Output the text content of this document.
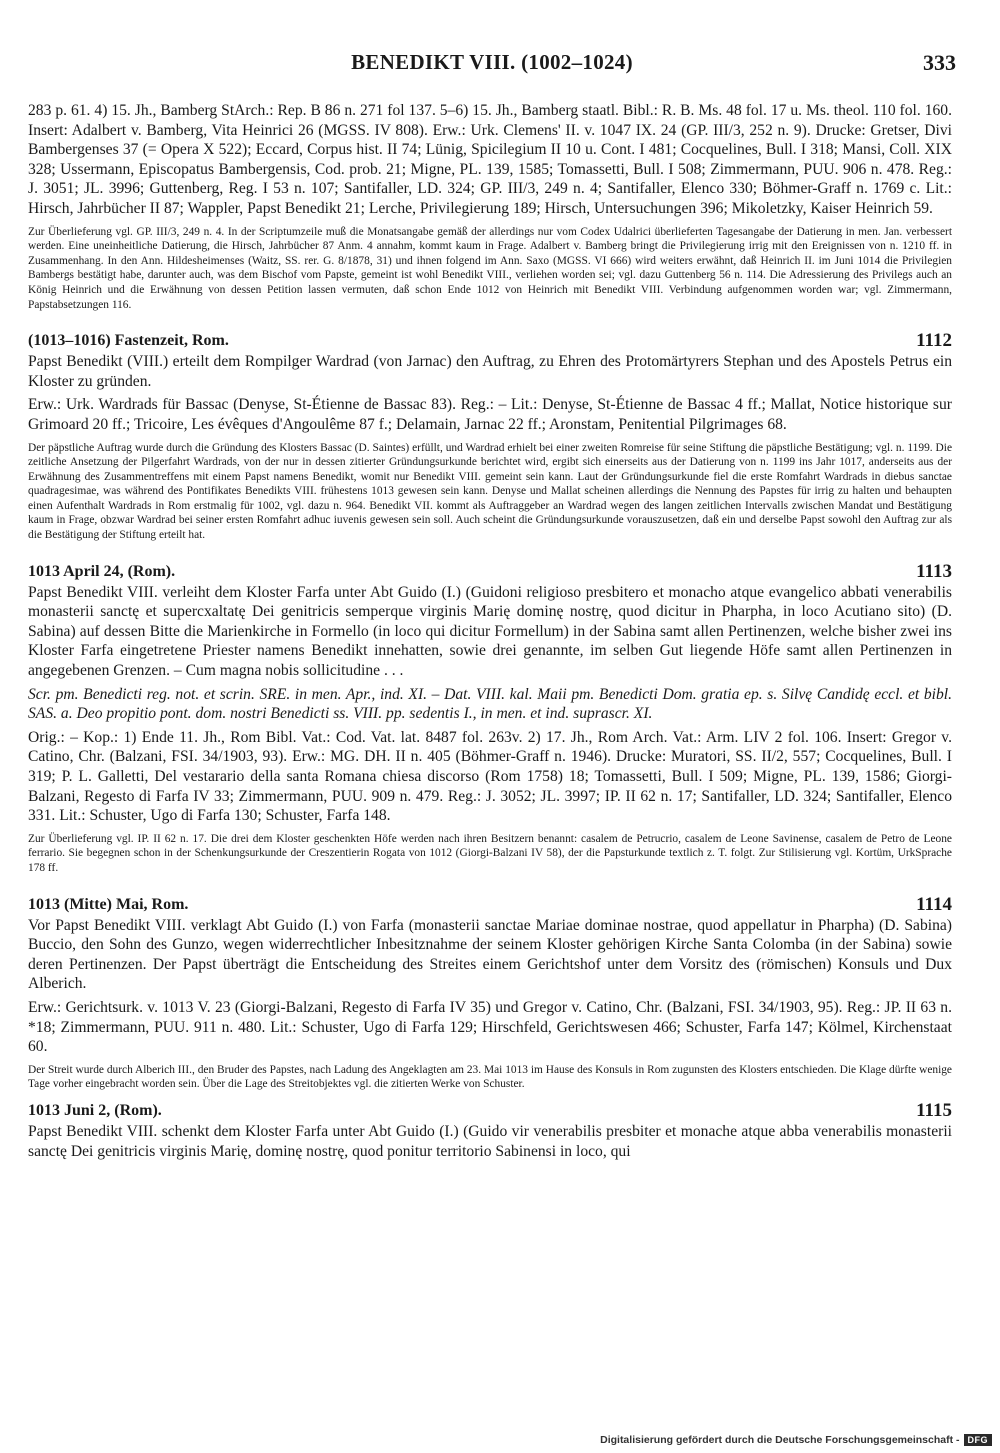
BENEDIKT VIII. (1002–1024)	333

283 p. 61. 4) 15. Jh., Bamberg StArch.: Rep. B 86 n. 271 fol 137. 5–6) 15. Jh., Bamberg staatl. Bibl.: R. B. Ms. 48 fol. 17 u. Ms. theol. 110 fol. 160. Insert: Adalbert v. Bamberg, Vita Heinrici 26 (MGSS. IV 808). Erw.: Urk. Clemens' II. v. 1047 IX. 24 (GP. III/3, 252 n. 9). Drucke: Gretser, Divi Bambergenses 37 (= Opera X 522); Eccard, Corpus hist. II 74; Lünig, Spicilegium II 10 u. Cont. I 481; Cocquelines, Bull. I 318; Mansi, Coll. XIX 328; Ussermann, Episcopatus Bambergensis, Cod. prob. 21; Migne, PL. 139, 1585; Tomassetti, Bull. I 508; Zimmermann, PUU. 906 n. 478. Reg.: J. 3051; JL. 3996; Guttenberg, Reg. I 53 n. 107; Santifaller, LD. 324; GP. III/3, 249 n. 4; Santifaller, Elenco 330; Böhmer-Graff n. 1769 c. Lit.: Hirsch, Jahrbücher II 87; Wappler, Papst Benedikt 21; Lerche, Privilegierung 189; Hirsch, Untersuchungen 396; Mikoletzky, Kaiser Heinrich 59.

Zur Überlieferung vgl. GP. III/3, 249 n. 4. In der Scriptumzeile muß die Monatsangabe gemäß der allerdings nur vom Codex Udalrici überlieferten Tagesangabe der Datierung in men. Jan. verbessert werden. Eine uneinheitliche Datierung, die Hirsch, Jahrbücher 87 Anm. 4 annahm, kommt kaum in Frage. Adalbert v. Bamberg bringt die Privilegierung irrig mit den Ereignissen von n. 1210 ff. in Zusammenhang. In den Ann. Hildesheimenses (Waitz, SS. rer. G. 8/1878, 31) und ihnen folgend im Ann. Saxo (MGSS. VI 666) wird weiters erwähnt, daß Heinrich II. im Juni 1014 die Privilegien Bambergs bestätigt habe, darunter auch, was dem Bischof vom Papste, gemeint ist wohl Benedikt VIII., verliehen worden sei; vgl. dazu Guttenberg 56 n. 114. Die Adressierung des Privilegs auch an König Heinrich und die Erwähnung von dessen Petition lassen vermuten, daß schon Ende 1012 von Heinrich mit Benedikt VIII. Verbindung aufgenommen worden war; vgl. Zimmermann, Papstabsetzungen 116.

(1013–1016) Fastenzeit, Rom.	1112

Papst Benedikt (VIII.) erteilt dem Rompilger Wardrad (von Jarnac) den Auftrag, zu Ehren des Protomärtyrers Stephan und des Apostels Petrus ein Kloster zu gründen.

Erw.: Urk. Wardrads für Bassac (Denyse, St-Étienne de Bassac 83). Reg.: – Lit.: Denyse, St-Étienne de Bassac 4 ff.; Mallat, Notice historique sur Grimoard 20 ff.; Tricoire, Les évêques d'Angoulême 87 f.; Delamain, Jarnac 22 ff.; Aronstam, Penitential Pilgrimages 68.

Der päpstliche Auftrag wurde durch die Gründung des Klosters Bassac (D. Saintes) erfüllt, und Wardrad erhielt bei einer zweiten Romreise für seine Stiftung die päpstliche Bestätigung; vgl. n. 1199. Die zeitliche Ansetzung der Pilgerfahrt Wardrads, von der nur in dessen zitierter Gründungsurkunde berichtet wird, ergibt sich einerseits aus der Datierung von n. 1199 ins Jahr 1017, anderseits aus der Erwähnung des Zusammentreffens mit einem Papst namens Benedikt, womit nur Benedikt VIII. gemeint sein kann. Laut der Gründungsurkunde fiel die erste Romfahrt Wardrads in diebus sanctae quadragesimae, was während des Pontifikates Benedikts VIII. frühestens 1013 gewesen sein kann. Denyse und Mallat scheinen allerdings die Nennung des Papstes für irrig zu halten und behaupten einen Aufenthalt Wardrads in Rom erstmalig für 1002, vgl. dazu n. 964. Benedikt VII. kommt als Auftraggeber an Wardrad wegen des langen zeitlichen Intervalls zwischen Mandat und Bestätigung kaum in Frage, obzwar Wardrad bei seiner ersten Romfahrt adhuc iuvenis gewesen sein soll. Auch scheint die Gründungsurkunde vorauszusetzen, daß ein und derselbe Papst sowohl den Auftrag zur als die Bestätigung der Stiftung erteilt hat.

1013 April 24, (Rom).	1113

Papst Benedikt VIII. verleiht dem Kloster Farfa unter Abt Guido (I.) (Guidoni religioso presbitero et monacho atque evangelico abbati venerabilis monasterii sanctę et supercxaltatę Dei genitricis semperque virginis Marię dominę nostrę, quod dicitur in Pharpha, in loco Acutiano sito) (D. Sabina) auf dessen Bitte die Marienkirche in Formello (in loco qui dicitur Formellum) in der Sabina samt allen Pertinenzen, welche bisher zwei ins Kloster Farfa eingetretene Priester namens Benedikt innehatten, sowie drei genannte, im selben Gut liegende Höfe samt allen Pertinenzen in angegebenen Grenzen. – Cum magna nobis sollicitudine . . .

Scr. pm. Benedicti reg. not. et scrin. SRE. in men. Apr., ind. XI. – Dat. VIII. kal. Maii pm. Benedicti Dom. gratia ep. s. Silvę Candidę eccl. et bibl. SAS. a. Deo propitio pont. dom. nostri Benedicti ss. VIII. pp. sedentis I., in men. et ind. suprascr. XI.

Orig.: – Kop.: 1) Ende 11. Jh., Rom Bibl. Vat.: Cod. Vat. lat. 8487 fol. 263v. 2) 17. Jh., Rom Arch. Vat.: Arm. LIV 2 fol. 106. Insert: Gregor v. Catino, Chr. (Balzani, FSI. 34/1903, 93). Erw.: MG. DH. II n. 405 (Böhmer-Graff n. 1946). Drucke: Muratori, SS. II/2, 557; Cocquelines, Bull. I 319; P. L. Galletti, Del vestarario della santa Romana chiesa discorso (Rom 1758) 18; Tomassetti, Bull. I 509; Migne, PL. 139, 1586; Giorgi-Balzani, Regesto di Farfa IV 33; Zimmermann, PUU. 909 n. 479. Reg.: J. 3052; JL. 3997; IP. II 62 n. 17; Santifaller, LD. 324; Santifaller, Elenco 331. Lit.: Schuster, Ugo di Farfa 130; Schuster, Farfa 148.

Zur Überlieferung vgl. IP. II 62 n. 17. Die drei dem Kloster geschenkten Höfe werden nach ihren Besitzern benannt: casalem de Petrucrio, casalem de Leone Savinense, casalem de Petro de Leone ferrario. Sie begegnen schon in der Schenkungsurkunde der Creszentierin Rogata von 1012 (Giorgi-Balzani IV 58), der die Papsturkunde textlich z. T. folgt. Zur Stilisierung vgl. Kortüm, UrkSprache 178 ff.

1013 (Mitte) Mai, Rom.	1114

Vor Papst Benedikt VIII. verklagt Abt Guido (I.) von Farfa (monasterii sanctae Mariae dominae nostrae, quod appellatur in Pharpha) (D. Sabina) Buccio, den Sohn des Gunzo, wegen widerrechtlicher Inbesitznahme der seinem Kloster gehörigen Kirche Santa Colomba (in der Sabina) sowie deren Pertinenzen. Der Papst überträgt die Entscheidung des Streites einem Gerichtshof unter dem Vorsitz des (römischen) Konsuls und Dux Alberich.

Erw.: Gerichtsurk. v. 1013 V. 23 (Giorgi-Balzani, Regesto di Farfa IV 35) und Gregor v. Catino, Chr. (Balzani, FSI. 34/1903, 95). Reg.: JP. II 63 n. *18; Zimmermann, PUU. 911 n. 480. Lit.: Schuster, Ugo di Farfa 129; Hirschfeld, Gerichtswesen 466; Schuster, Farfa 147; Kölmel, Kirchenstaat 60.

Der Streit wurde durch Alberich III., den Bruder des Papstes, nach Ladung des Angeklagten am 23. Mai 1013 im Hause des Konsuls in Rom zugunsten des Klosters entschieden. Die Klage dürfte wenige Tage vorher eingebracht worden sein. Über die Lage des Streitobjektes vgl. die zitierten Werke von Schuster.

1013 Juni 2, (Rom).	1115

Papst Benedikt VIII. schenkt dem Kloster Farfa unter Abt Guido (I.) (Guido vir venerabilis presbiter et monache atque abba venerabilis monasterii sanctę Dei genitricis virginis Marię, dominę nostrę, quod ponitur territorio Sabinensi in loco, qui

Digitalisierung gefördert durch die Deutsche Forschungsgemeinschaft - DFG
